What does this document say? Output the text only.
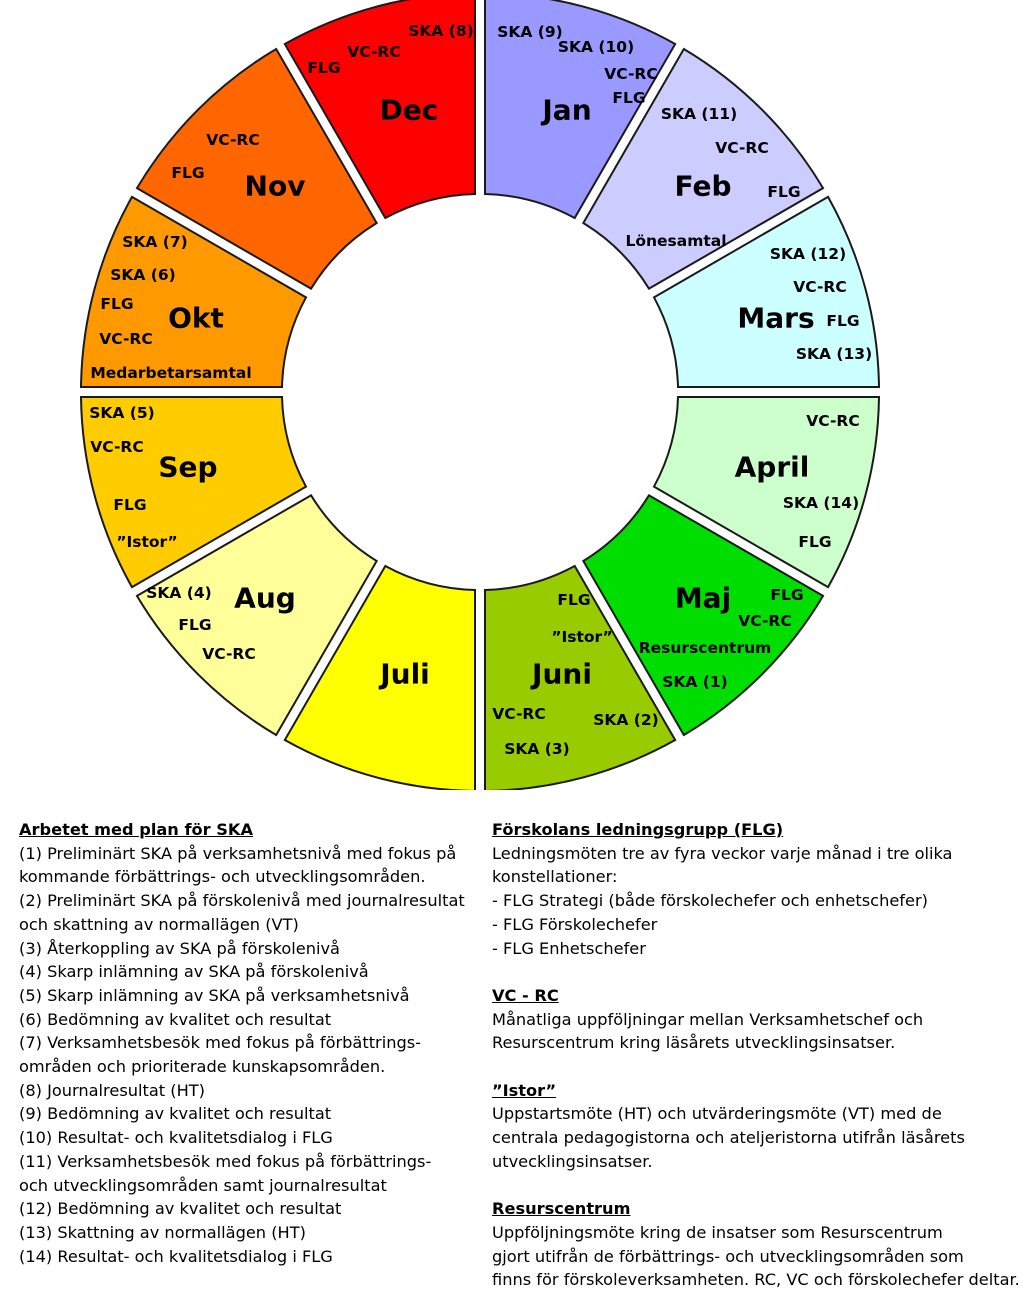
Jan
SKA (9)
SKA (10)
VC-RC
FLG
Feb
SKA (11)
VC-RC
FLG
Lönesamtal
Mars
SKA (12)
VC-RC
FLG
SKA (13)
April
VC-RC
SKA (14)
FLG
Maj	FLG
VC-RC
Resurscentrum
SKA (1)
Juni
FLG
”Istor”
VC-RC	SKA (2)
SKA (3)
Juli
Aug
SKA (4)
FLG
VC-RC
Sep
SKA (5)
VC-RC
FLG
”Istor”
Okt
SKA (7)
SKA (6)
FLG
VC-RC
Medarbetarsamtal
Nov
VC-RC
FLG
Dec
SKA (8)
VC-RC
FLG
Arbetet med plan för SKA
(1) Preliminärt SKA på verksamhetsnivå med fokus på
kommande förbättrings- och utvecklingsområden.
(2) Preliminärt SKA på förskolenivå med journalresultat
och skattning av normallägen (VT)
(3) Återkoppling av SKA på förskolenivå
(4) Skarp inlämning av SKA på förskolenivå
(5) Skarp inlämning av SKA på verksamhetsnivå
(6) Bedömning av kvalitet och resultat
(7) Verksamhetsbesök med fokus på förbättrings-
områden och prioriterade kunskapsområden.
(8) Journalresultat (HT)
(9) Bedömning av kvalitet och resultat
(10) Resultat- och kvalitetsdialog i FLG
(11) Verksamhetsbesök med fokus på förbättrings-
och utvecklingsområden samt journalresultat
(12) Bedömning av kvalitet och resultat
(13) Skattning av normallägen (HT)
(14) Resultat- och kvalitetsdialog i FLG
Förskolans ledningsgrupp (FLG)
Ledningsmöten tre av fyra veckor varje månad i tre olika
konstellationer:
- FLG Strategi (både förskolechefer och enhetschefer)
- FLG Förskolechefer
- FLG Enhetschefer
VC - RC
Månatliga uppföljningar mellan Verksamhetschef och
Resurscentrum kring läsårets utvecklingsinsatser.
”Istor”
Uppstartsmöte (HT) och utvärderingsmöte (VT) med de
centrala pedagogistorna och ateljeristorna utifrån läsårets
utvecklingsinsatser.
Resurscentrum
Uppföljningsmöte kring de insatser som Resurscentrum
gjort utifrån de förbättrings- och utvecklingsområden som
finns för förskoleverksamheten. RC, VC och förskolechefer deltar.
